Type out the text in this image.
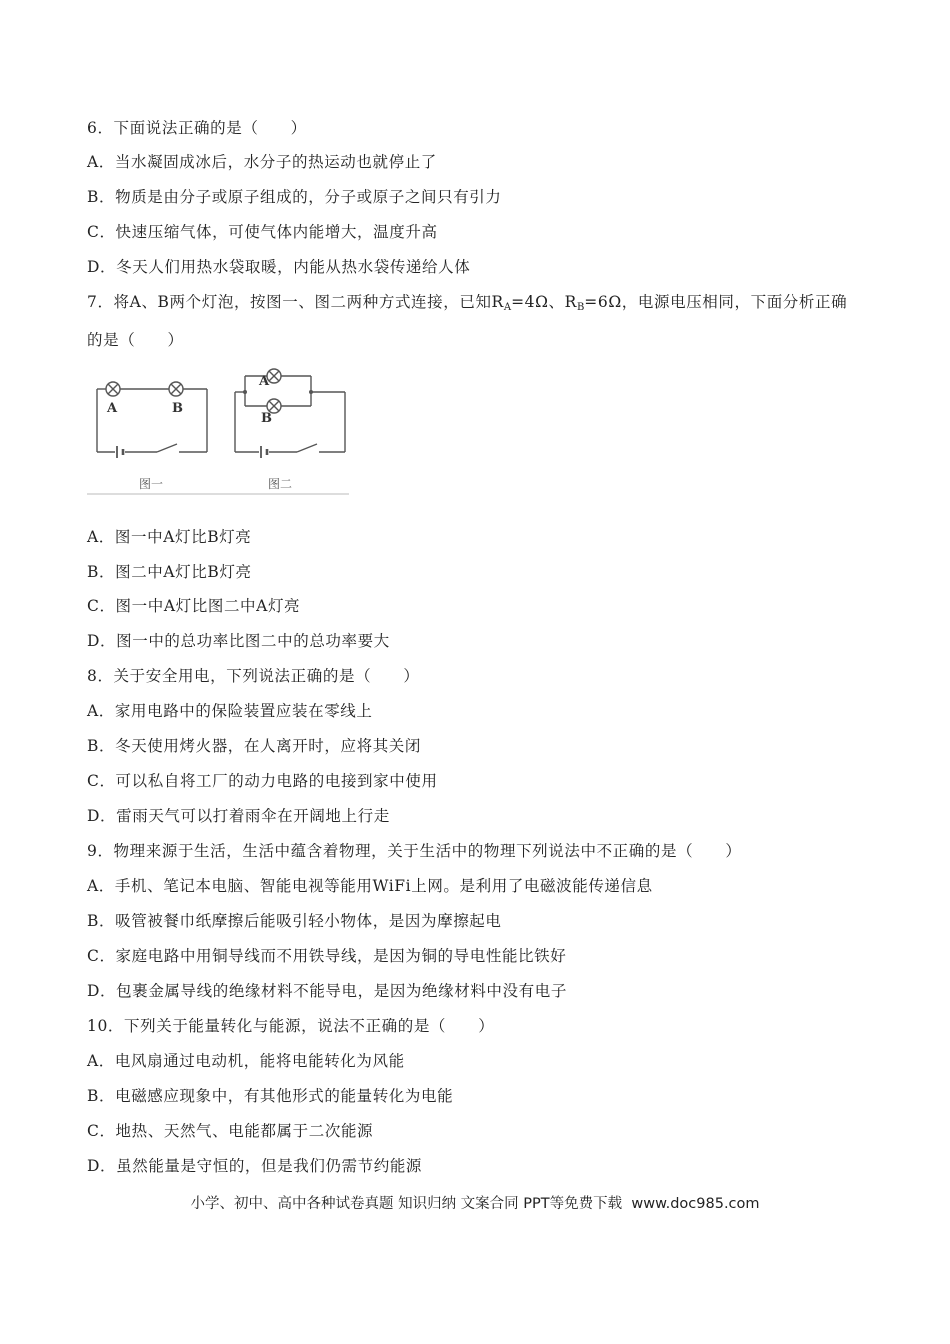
6．下面说法正确的是（　　）
A．当水凝固成冰后，水分子的热运动也就停止了
B．物质是由分子或原子组成的，分子或原子之间只有引力
C．快速压缩气体，可使气体内能增大，温度升高
D．冬天人们用热水袋取暖，内能从热水袋传递给人体
7．将A、B两个灯泡，按图一、图二两种方式连接，已知$R_A=4\Omega$、$R_B=6\Omega$，电源电压相同，下面分析正确
的是（　　）
A	B
A
B
图一	图二
A．图一中A灯比B灯亮
B．图二中A灯比B灯亮
C．图一中A灯比图二中A灯亮
D．图一中的总功率比图二中的总功率要大
8．关于安全用电，下列说法正确的是（　　）
A．家用电路中的保险装置应装在零线上
B．冬天使用烤火器，在人离开时，应将其关闭
C．可以私自将工厂的动力电路的电接到家中使用
D．雷雨天气可以打着雨伞在开阔地上行走
9．物理来源于生活，生活中蕴含着物理，关于生活中的物理下列说法中不正确的是（　　）
A．手机、笔记本电脑、智能电视等能用WiFi上网。是利用了电磁波能传递信息
B．吸管被餐巾纸摩擦后能吸引轻小物体，是因为摩擦起电
C．家庭电路中用铜导线而不用铁导线，是因为铜的导电性能比铁好
D．包裹金属导线的绝缘材料不能导电，是因为绝缘材料中没有电子
10．下列关于能量转化与能源，说法不正确的是（　　）
A．电风扇通过电动机，能将电能转化为风能
B．电磁感应现象中，有其他形式的能量转化为电能
C．地热、天然气、电能都属于二次能源
D．虽然能量是守恒的，但是我们仍需节约能源
小学、初中、高中各种试卷真题 知识归纳 文案合同 PPT等免费下载 www.doc985.com
